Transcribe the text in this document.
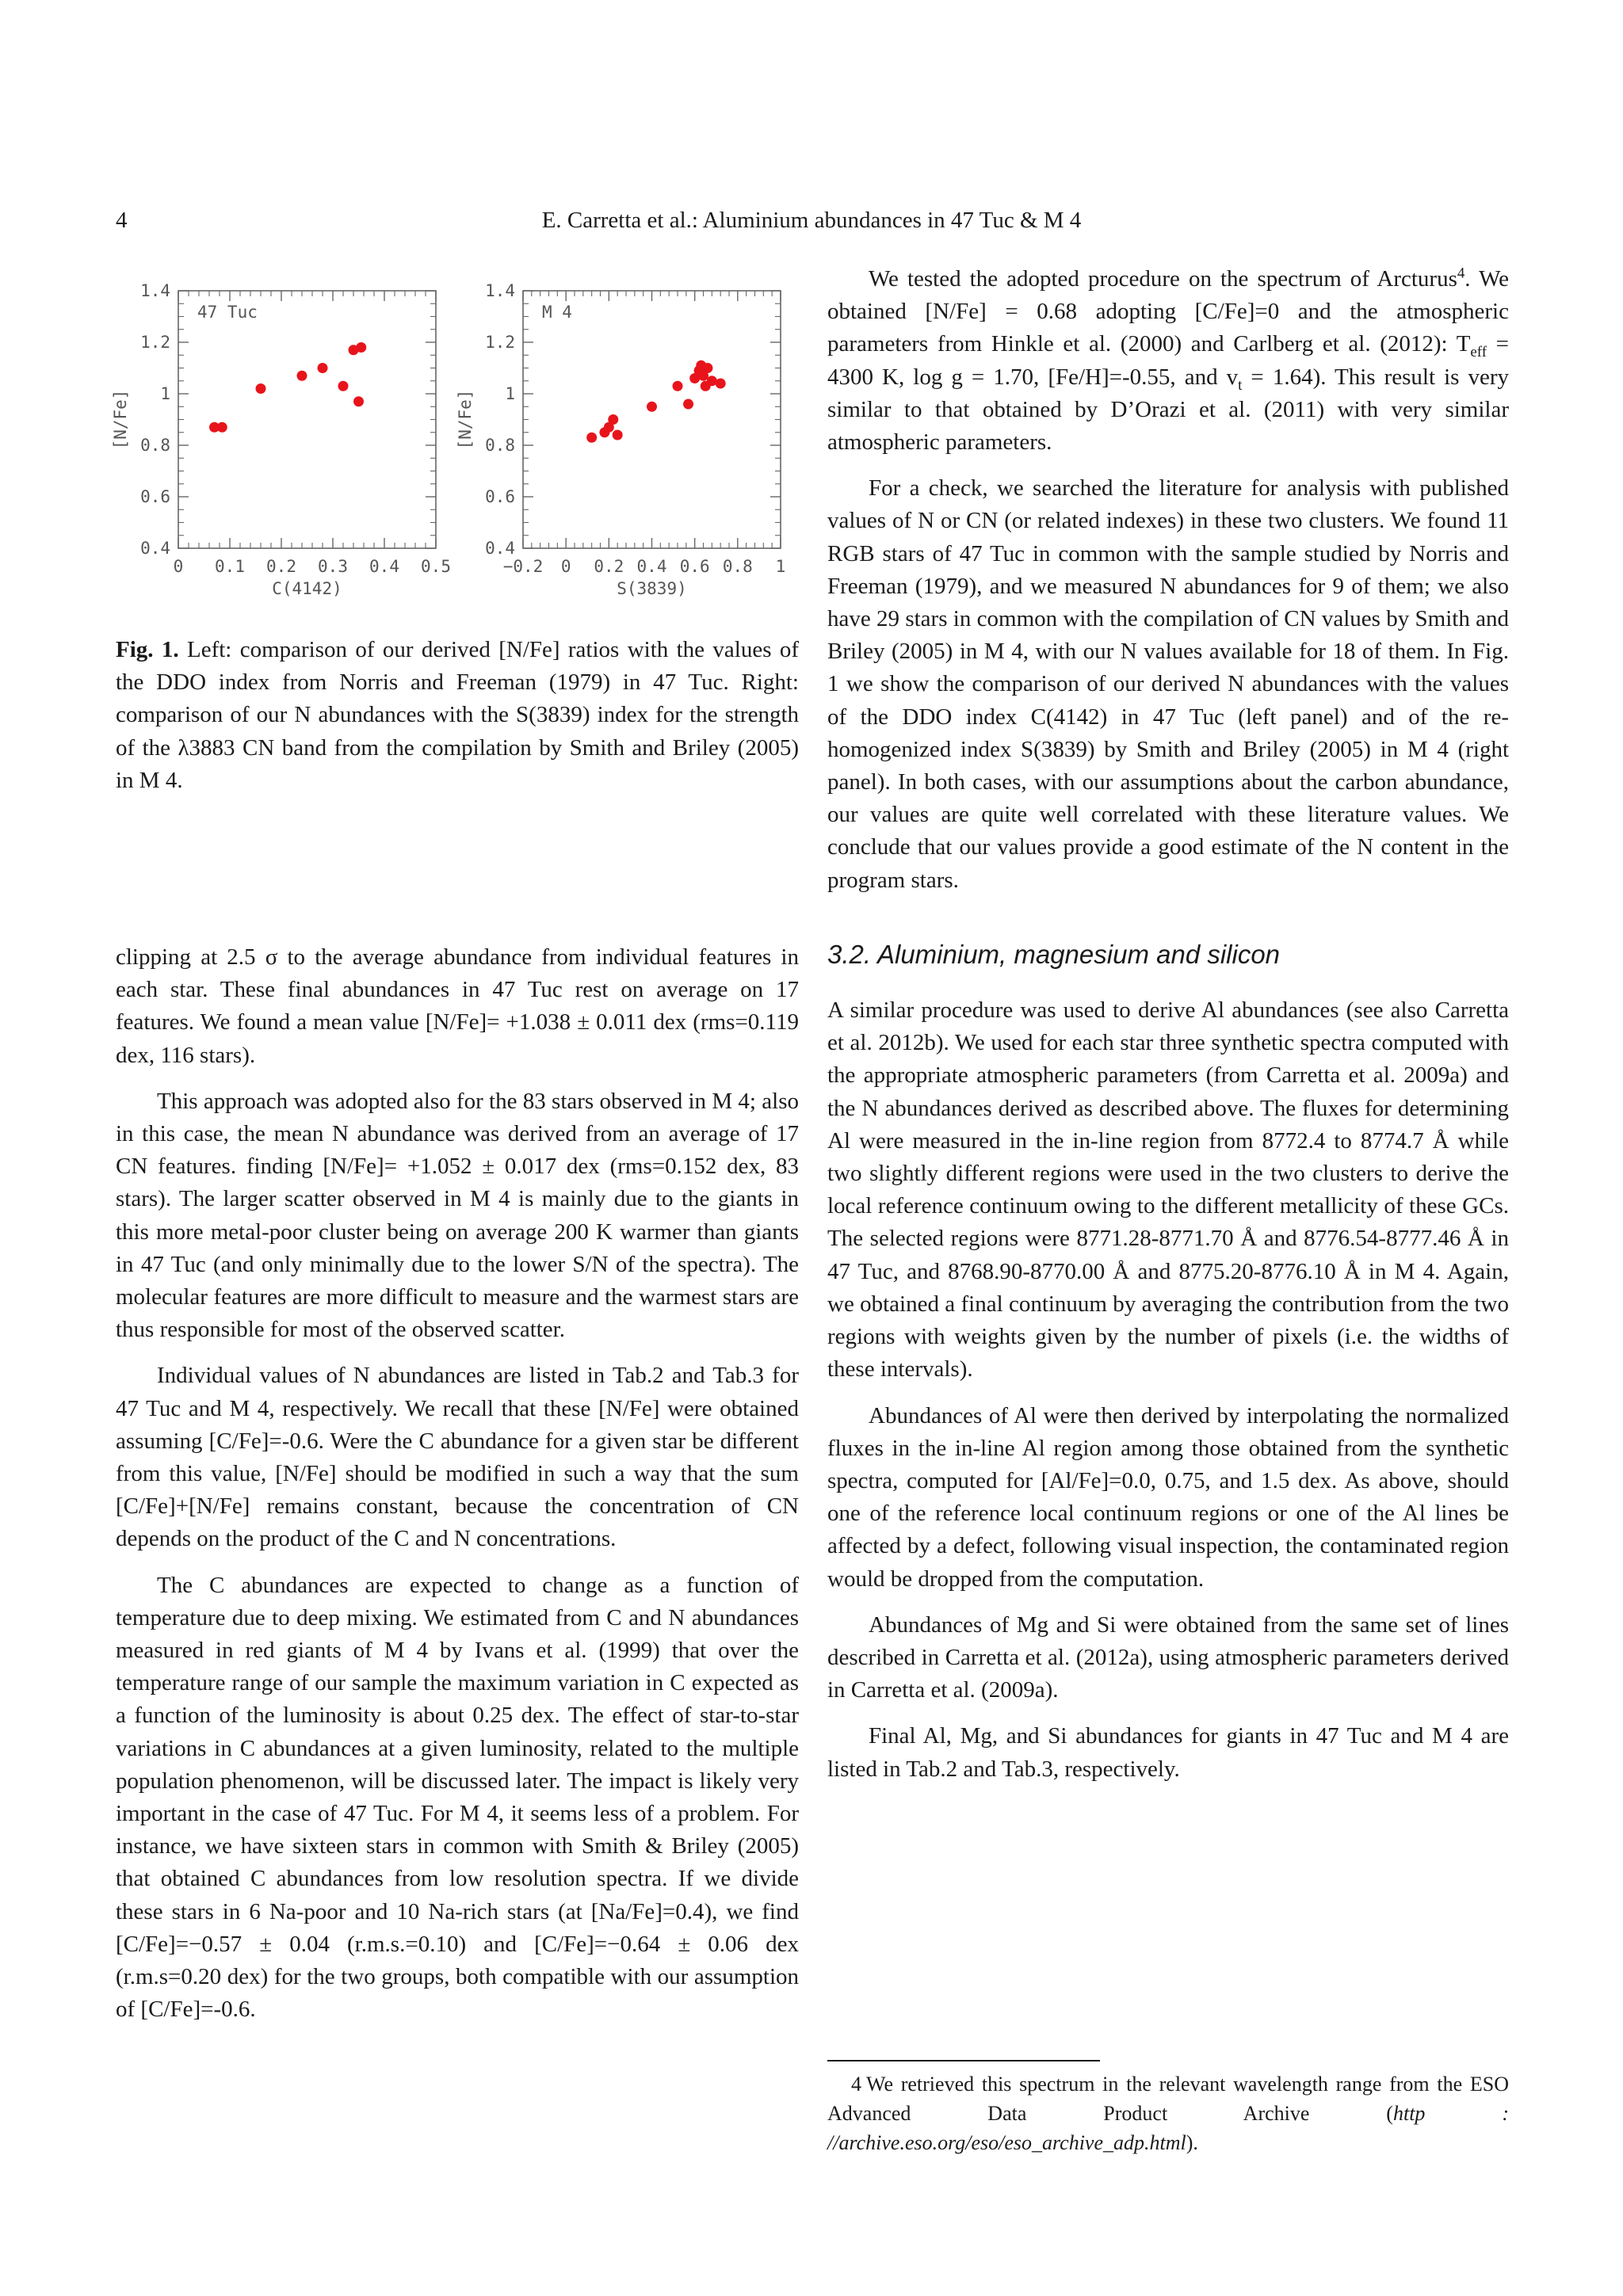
4	E. Carretta et al.: Aluminium abundances in 47 Tuc & M 4
0 0.1 0.2 0.3 0.4 0.5
0.4
0.6
0.8
1
1.2
1.4
47 Tuc
C(4142)
[N/Fe]
−0.2 0 0.2 0.4 0.6 0.8 1
0.4
0.6
0.8
1
1.2
1.4
M 4
S(3839)
[N/Fe]
Fig. 1. Left: comparison of our derived [N/Fe] ratios with the values of the DDO index from Norris and Freeman (1979) in 47 Tuc. Right: comparison of our N abundances with the S(3839) index for the strength of the λ3883 CN band from the compilation by Smith and Briley (2005) in M 4.

clipping at 2.5 σ to the average abundance from individual features in each star. These final abundances in 47 Tuc rest on average on 17 features. We found a mean value [N/Fe]= +1.038 ± 0.011 dex (rms=0.119 dex, 116 stars).

This approach was adopted also for the 83 stars observed in M 4; also in this case, the mean N abundance was derived from an average of 17 CN features. finding [N/Fe]= +1.052 ± 0.017 dex (rms=0.152 dex, 83 stars). The larger scatter observed in M 4 is mainly due to the giants in this more metal-poor cluster being on average 200 K warmer than giants in 47 Tuc (and only minimally due to the lower S/N of the spectra). The molecular features are more difficult to measure and the warmest stars are thus responsible for most of the observed scatter.

Individual values of N abundances are listed in Tab.2 and Tab.3 for 47 Tuc and M 4, respectively. We recall that these [N/Fe] were obtained assuming [C/Fe]=-0.6. Were the C abundance for a given star be different from this value, [N/Fe] should be modified in such a way that the sum [C/Fe]+[N/Fe] remains constant, because the concentration of CN depends on the product of the C and N concentrations.

The C abundances are expected to change as a function of temperature due to deep mixing. We estimated from C and N abundances measured in red giants of M 4 by Ivans et al. (1999) that over the temperature range of our sample the maximum variation in C expected as a function of the luminosity is about 0.25 dex. The effect of star-to-star variations in C abundances at a given luminosity, related to the multiple population phenomenon, will be discussed later. The impact is likely very important in the case of 47 Tuc. For M 4, it seems less of a problem. For instance, we have sixteen stars in common with Smith & Briley (2005) that obtained C abundances from low resolution spectra. If we divide these stars in 6 Na-poor and 10 Na-rich stars (at [Na/Fe]=0.4), we find [C/Fe]=−0.57 ± 0.04 (r.m.s.=0.10) and [C/Fe]=−0.64 ± 0.06 dex (r.m.s=0.20 dex) for the two groups, both compatible with our assumption of [C/Fe]=-0.6.

We tested the adopted procedure on the spectrum of Arcturus$^4$. We obtained [N/Fe] = 0.68 adopting [C/Fe]=0 and the atmospheric parameters from Hinkle et al. (2000) and Carlberg et al. (2012): $T_{eff} = 4300$ K, log g = 1.70, [Fe/H]=-0.55, and $v_t = 1.64$). This result is very similar to that obtained by D’Orazi et al. (2011) with very similar atmospheric parameters.

For a check, we searched the literature for analysis with published values of N or CN (or related indexes) in these two clusters. We found 11 RGB stars of 47 Tuc in common with the sample studied by Norris and Freeman (1979), and we measured N abundances for 9 of them; we also have 29 stars in common with the compilation of CN values by Smith and Briley (2005) in M 4, with our N values available for 18 of them. In Fig. 1 we show the comparison of our derived N abundances with the values of the DDO index C(4142) in 47 Tuc (left panel) and of the re-homogenized index S(3839) by Smith and Briley (2005) in M 4 (right panel). In both cases, with our assumptions about the carbon abundance, our values are quite well correlated with these literature values. We conclude that our values provide a good estimate of the N content in the program stars.

3.2. Aluminium, magnesium and silicon

A similar procedure was used to derive Al abundances (see also Carretta et al. 2012b). We used for each star three synthetic spectra computed with the appropriate atmospheric parameters (from Carretta et al. 2009a) and the N abundances derived as described above. The fluxes for determining Al were measured in the in-line region from 8772.4 to 8774.7 Å while two slightly different regions were used in the two clusters to derive the local reference continuum owing to the different metallicity of these GCs. The selected regions were 8771.28-8771.70 Å and 8776.54-8777.46 Å in 47 Tuc, and 8768.90-8770.00 Å and 8775.20-8776.10 Å in M 4. Again, we obtained a final continuum by averaging the contribution from the two regions with weights given by the number of pixels (i.e. the widths of these intervals).

Abundances of Al were then derived by interpolating the normalized fluxes in the in-line Al region among those obtained from the synthetic spectra, computed for [Al/Fe]=0.0, 0.75, and 1.5 dex. As above, should one of the reference local continuum regions or one of the Al lines be affected by a defect, following visual inspection, the contaminated region would be dropped from the computation.

Abundances of Mg and Si were obtained from the same set of lines described in Carretta et al. (2012a), using atmospheric parameters derived in Carretta et al. (2009a).

Final Al, Mg, and Si abundances for giants in 47 Tuc and M 4 are listed in Tab.2 and Tab.3, respectively.

4 We retrieved this spectrum in the relevant wavelength range from the ESO Advanced Data Product Archive (http : //archive.eso.org/eso/eso_archive_adp.html).
